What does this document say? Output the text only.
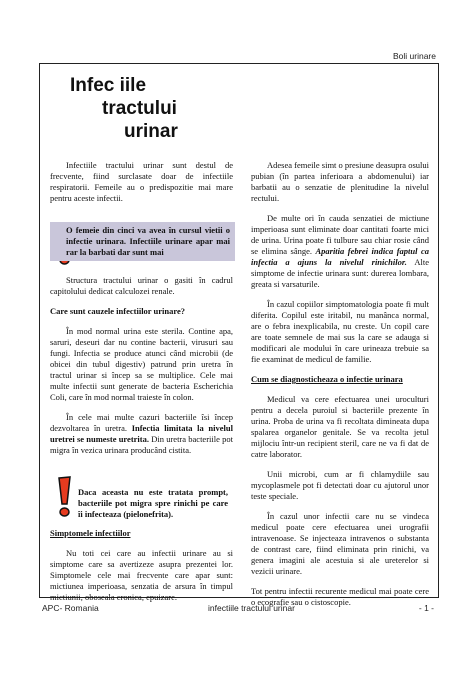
Boli urinare
Infec iile
tractului
urinar

Infectiile tractului urinar sunt destul de frecvente, fiind surclasate doar de infectiile respiratorii. Femeile au o predispozitie mai mare pentru aceste infectii.

Structura tractului urinar o gasiti în cadrul capitolului dedicat calculozei renale.

Care sunt cauzele infectiilor urinare?

În mod normal urina este sterila. Contine apa, saruri, deseuri dar nu contine bacterii, virusuri sau fungi. Infectia se produce atunci când microbii (de obicei din tubul digestiv) patrund prin uretra în tractul urinar si încep sa se multiplice. Cele mai multe infectii sunt generate de bacteria Escherichia Coli, care în mod normal traieste în colon.

În cele mai multe cazuri bacteriile îsi încep dezvoltarea în uretra. Infectia limitata la nivelul uretrei se numeste uretrita. Din uretra bacteriile pot migra în vezica urinara producând cistita.

O femeie din cinci va avea în cursul vietii o infectie urinara. Infectiile urinare apar mai rar la barbati dar sunt mai
Daca aceasta nu este tratata prompt, bacteriile pot migra spre rinichi pe care îi infecteaza (pielonefrita).

Simptomele infectiilor

Nu toti cei care au infectii urinare au si simptome care sa avertizeze asupra prezentei lor. Simptomele cele mai frecvente care apar sunt: mictiunea imperioasa, senzatia de arsura în timpul mictiunii, oboseala cronica, epuizare.

Adesea femeile simt o presiune deasupra osului pubian (în partea inferioara a abdomenului) iar barbatii au o senzatie de plenitudine la nivelul rectului.

De multe ori în cauda senzatiei de mictiune imperioasa sunt eliminate doar cantitati foarte mici de urina. Urina poate fi tulbure sau chiar rosie când se elimina sânge. Aparitia febrei indica faptul ca infectia a ajuns la nivelul rinichilor. Alte simptome de infectie urinara sunt: durerea lombara, greata si varsaturile.

În cazul copiilor simptomatologia poate fi mult diferita. Copilul este iritabil, nu manânca normal, are o febra inexplicabila, nu creste. Un copil care are toate semnele de mai sus la care se adauga si modificari ale modului în care urineaza trebuie sa fie examinat de medicul de familie.

Cum se diagnosticheaza o infectie urinara

Medicul va cere efectuarea unei uroculturi pentru a decela puroiul si bacteriile prezente în urina. Proba de urina va fi recoltata dimineata dupa spalarea organelor genitale. Se va recolta jetul mijlociu într-un recipient steril, care ne va fi dat de catre laborator.

Unii microbi, cum ar fi chlamydiile sau mycoplasmele pot fi detectati doar cu ajutorul unor teste speciale.

În cazul unor infectii care nu se vindeca medicul poate cere efectuarea unei urografii intravenoase. Se injecteaza intravenos o substanta de contrast care, fiind eliminata prin rinichi, va genera imagini ale acestuia si ale ureterelor si vezicii urinare.

Tot pentru infectii recurente medicul mai poate cere o ecografie sau o cistoscopie.

APC- Romania	infectiile tractului urinar	- 1 -
